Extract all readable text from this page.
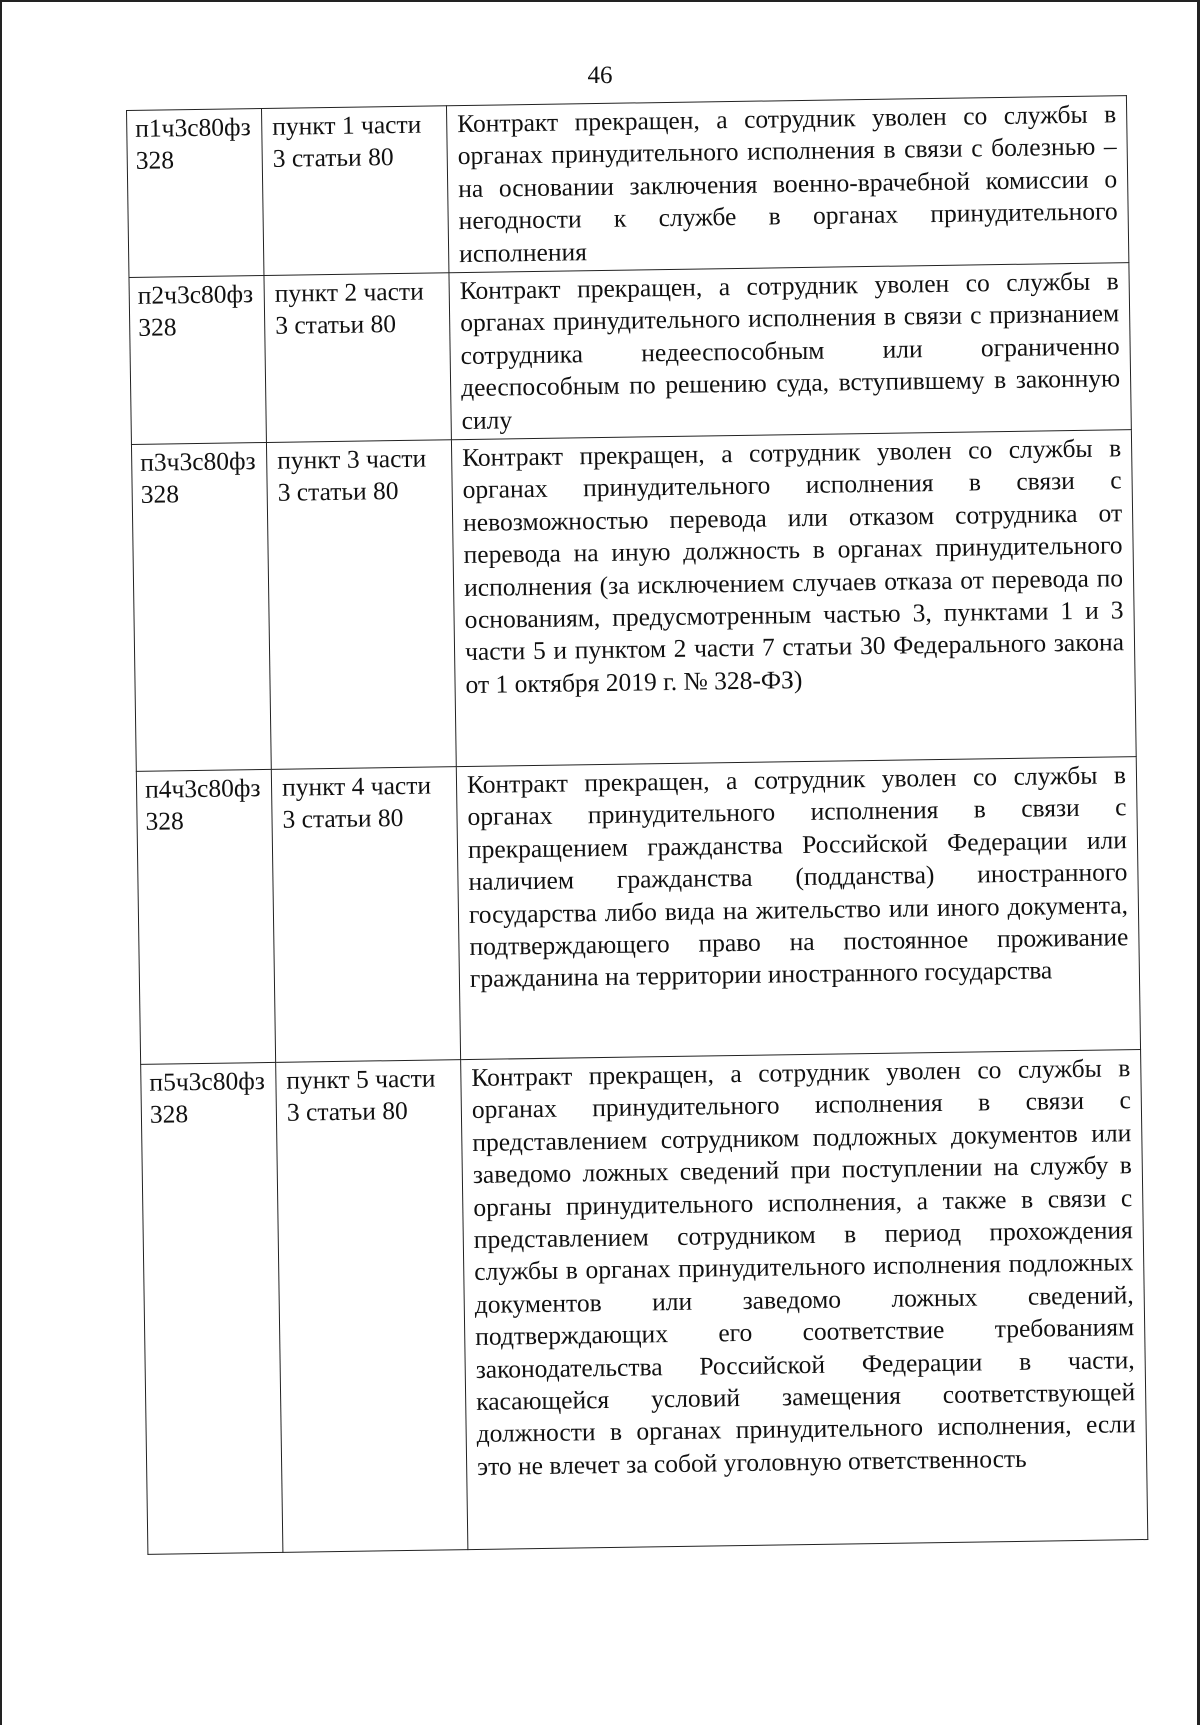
46
п1ч3с80фз 328	пункт 1 части 3 статьи 80	Контракт прекращен, а сотрудник уволен со службы в органах принудительного исполнения в связи с болезнью – на основании заключения военно-врачебной комиссии о негодности к службе в органах принудительного исполнения
п2ч3с80фз 328	пункт 2 части 3 статьи 80	Контракт прекращен, а сотрудник уволен со службы в органах принудительного исполнения в связи с признанием сотрудника недееспособным или ограниченно дееспособным по решению суда, вступившему в законную силу
п3ч3с80фз 328	пункт 3 части 3 статьи 80	Контракт прекращен, а сотрудник уволен со службы в органах принудительного исполнения в связи с невозможностью перевода или отказом сотрудника от перевода на иную должность в органах принудительного исполнения (за исключением случаев отказа от перевода по основаниям, предусмотренным частью 3, пунктами 1 и 3 части 5 и пунктом 2 части 7 статьи 30 Федерального закона от 1 октября 2019 г. № 328-ФЗ)
п4ч3с80фз 328	пункт 4 части 3 статьи 80	Контракт прекращен, а сотрудник уволен со службы в органах принудительного исполнения в связи с прекращением гражданства Российской Федерации или наличием гражданства (подданства) иностранного государства либо вида на жительство или иного документа, подтверждающего право на постоянное проживание гражданина на территории иностранного государства
п5ч3с80фз 328	пункт 5 части 3 статьи 80	Контракт прекращен, а сотрудник уволен со службы в органах принудительного исполнения в связи с представлением сотрудником подложных документов или заведомо ложных сведений при поступлении на службу в органы принудительного исполнения, а также в связи с представлением сотрудником в период прохождения службы в органах принудительного исполнения подложных документов или заведомо ложных сведений, подтверждающих его соответствие требованиям законодательства Российской Федерации в части, касающейся условий замещения соответствующей должности в органах принудительного исполнения, если это не влечет за собой уголовную ответственность
